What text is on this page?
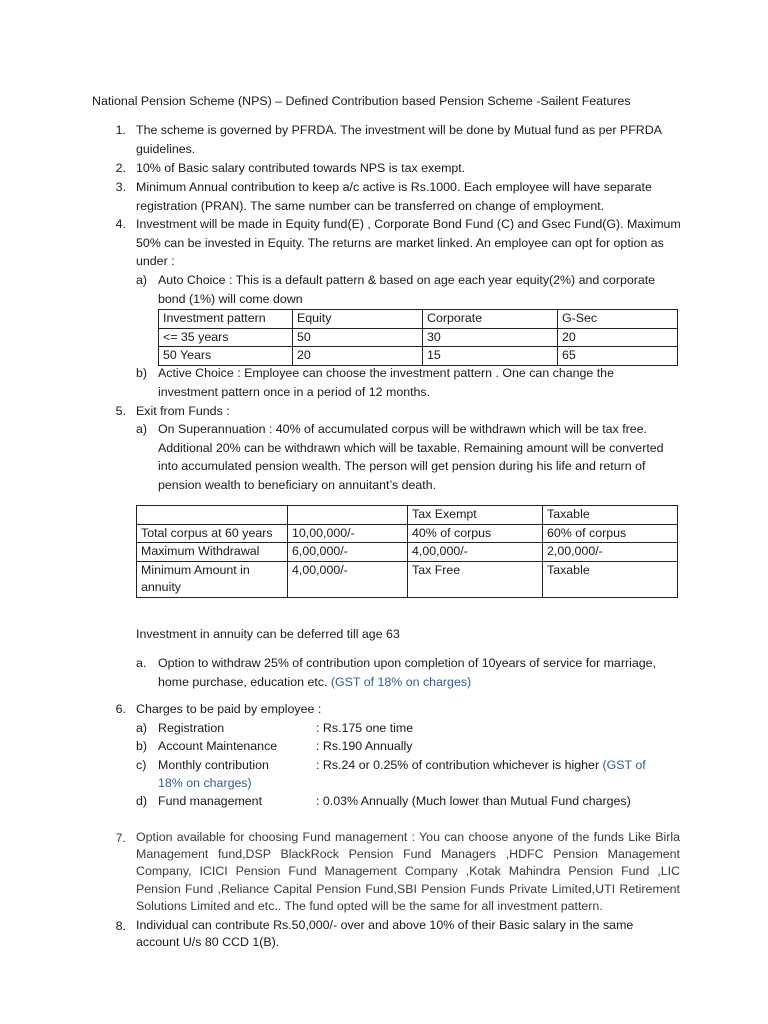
National Pension Scheme (NPS) – Defined Contribution based Pension Scheme -Sailent Features
1. The scheme is governed by PFRDA. The investment will be done by Mutual fund as per PFRDA guidelines.
2. 10% of Basic salary contributed towards NPS is tax exempt.
3. Minimum Annual contribution to keep a/c active is Rs.1000. Each employee will have separate registration (PRAN). The same number can be transferred on change of employment.
4. Investment will be made in Equity fund(E) , Corporate Bond Fund (C) and Gsec Fund(G). Maximum 50% can be invested in Equity. The returns are market linked. An employee can opt for option as under :
a) Auto Choice : This is a default pattern & based on age each year equity(2%) and corporate bond (1%) will come down
Investment pattern	Equity	Corporate	G-Sec
<= 35 years	50	30	20
50 Years	20	15	65
b) Active Choice : Employee can choose the investment pattern . One can change the investment pattern once in a period of 12 months.
5. Exit from Funds :
a) On Superannuation : 40% of accumulated corpus will be withdrawn which will be tax free. Additional 20% can be withdrawn which will be taxable. Remaining amount will be converted into accumulated pension wealth. The person will get pension during his life and return of pension wealth to beneficiary on annuitant’s death.
		Tax Exempt	Taxable
Total corpus at 60 years	10,00,000/-	40% of corpus	60% of corpus
Maximum Withdrawal	6,00,000/-	4,00,000/-	2,00,000/-
Minimum Amount in
annuity	4,00,000/-	Tax Free	Taxable
Investment in annuity can be deferred till age 63
a. Option to withdraw 25% of contribution upon completion of 10years of service for marriage,
home purchase, education etc. (GST of 18% on charges)
6. Charges to be paid by employee :
a) Registration	: Rs.175 one time
b) Account Maintenance	: Rs.190 Annually
c) Monthly contribution	: Rs.24 or 0.25% of contribution whichever is higher (GST of
18% on charges)
d) Fund management	: 0.03% Annually (Much lower than Mutual Fund charges)
7. Option available for choosing Fund management : You can choose anyone of the funds Like Birla Management fund,DSP BlackRock Pension Fund Managers ,HDFC Pension Management Company, ICICI Pension Fund Management Company ,Kotak Mahindra Pension Fund ,LIC Pension Fund ,Reliance Capital Pension Fund,SBI Pension Funds Private Limited,UTI Retirement Solutions Limited and etc.. The fund opted will be the same for all investment pattern.
8. Individual can contribute Rs.50,000/- over and above 10% of their Basic salary in the same account U/s 80 CCD 1(B).
